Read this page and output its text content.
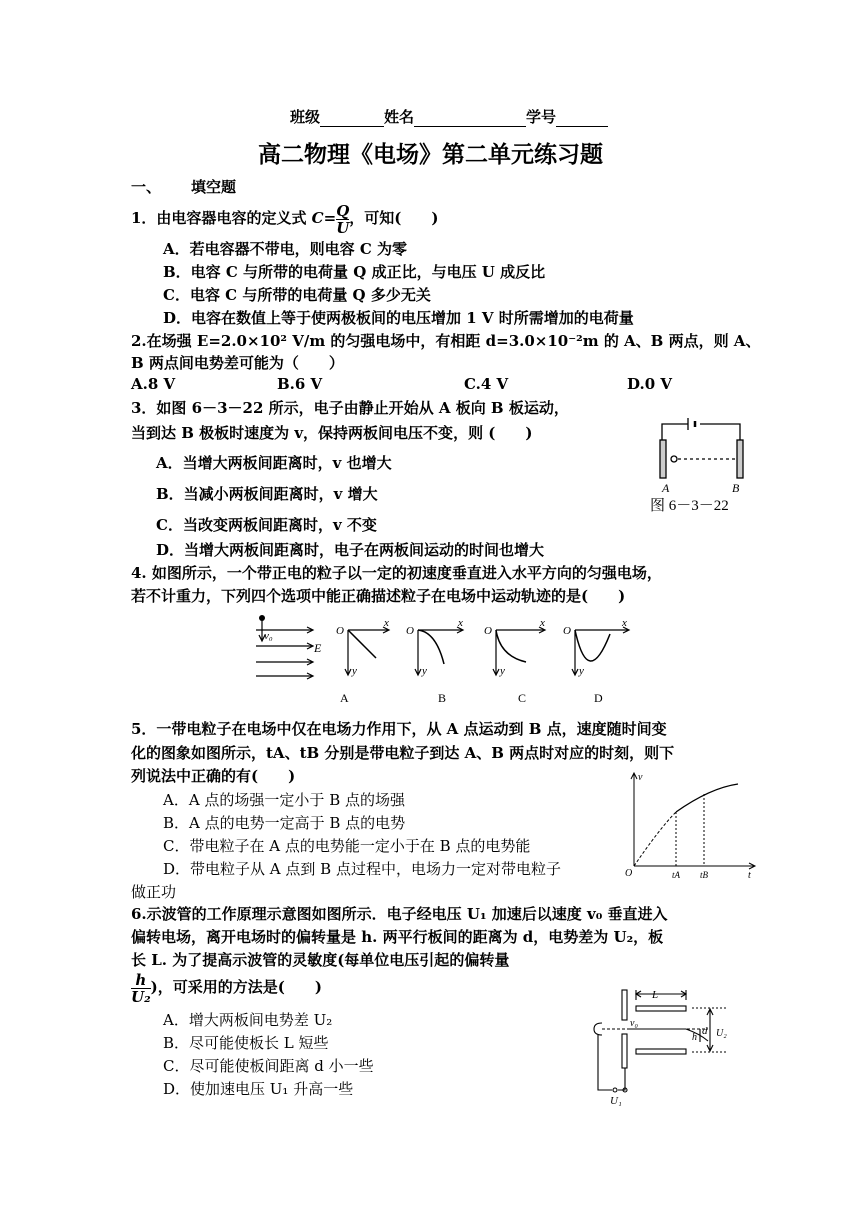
班级	姓名	学号
高二物理《电场》第二单元练习题
一、 填空题
1．由电容器电容的定义式 $C= \frac{Q}{U}$ ，可知(　　)
A．若电容器不带电，则电容 C 为零
B．电容 C 与所带的电荷量 Q 成正比，与电压 U 成反比
C．电容 C 与所带的电荷量 Q 多少无关
D．电容在数值上等于使两极板间的电压增加 1 V 时所需增加的电荷量
2.在场强 E=2.0×10² V/m 的匀强电场中，有相距 d=3.0×10⁻²m 的 A、B 两点，则 A、
B 两点间电势差可能为（　　）
A.8 V	B.6 V	C.4 V	D.0 V
3．如图 6－3－22 所示，电子由静止开始从 A 板向 B 板运动，
当到达 B 极板时速度为 v，保持两板间电压不变，则 (　　)
A．当增大两板间距离时，v 也增大
B．当减小两板间距离时，v 增大
C．当改变两板间距离时，v 不变
D．当增大两板间距离时，电子在两板间运动的时间也增大
A	B
图 6－3－22
4. 如图所示，一个带正电的粒子以一定的初速度垂直进入水平方向的匀强电场，
若不计重力，下列四个选项中能正确描述粒子在电场中运动轨迹的是(　　)
v₀
E
O
x
y
A
O
x
y
B
O
x
y
C
O
x
y
D
5．一带电粒子在电场中仅在电场力作用下，从 A 点运动到 B 点，速度随时间变
化的图象如图所示，tA、tB 分别是带电粒子到达 A、B 两点时对应的时刻，则下
列说法中正确的有(　　)
A．A 点的场强一定小于 B 点的场强
B．A 点的电势一定高于 B 点的电势
C．带电粒子在 A 点的电势能一定小于在 B 点的电势能
D．带电粒子从 A 点到 B 点过程中，电场力一定对带电粒子
做正功
v
t
O	tA tB
6.示波管的工作原理示意图如图所示．电子经电压 U₁ 加速后以速度 v₀ 垂直进入
偏转电场，离开电场时的偏转量是 h. 两平行板间的距离为 d，电势差为 U₂，板
长 L. 为了提高示波管的灵敏度(每单位电压引起的偏转量
$\frac{h}{\text{U₂}}$ )，可采用的方法是(　　)
A．增大两板间电势差 U₂
B．尽可能使板长 L 短些
C．尽可能使板间距离 d 小一些
D．使加速电压 U₁ 升高一些
L
v₀
d
h U₂
U₁
